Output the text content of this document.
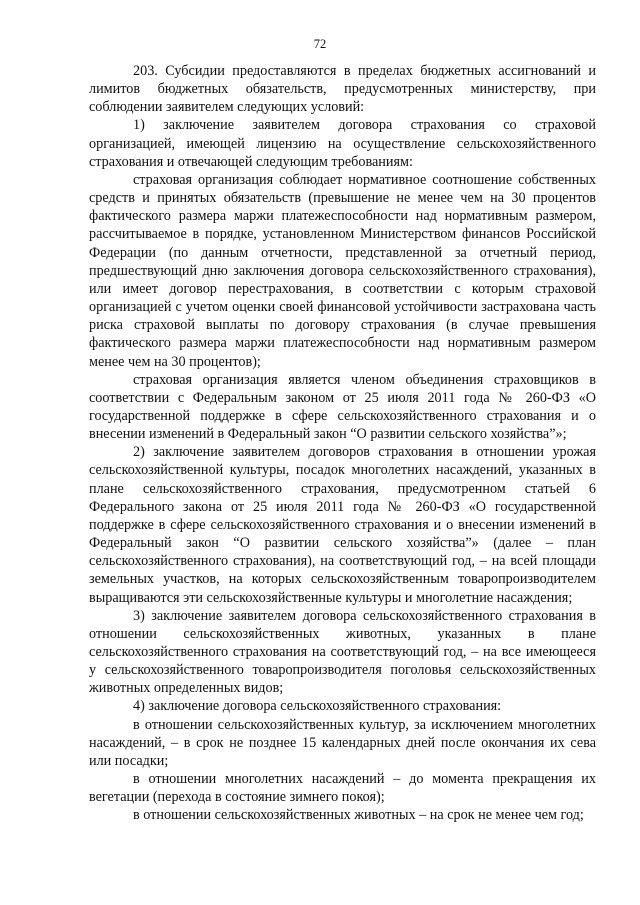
72

203. Субсидии предоставляются в пределах бюджетных ассигнований и лимитов бюджетных обязательств, предусмотренных министерству, при соблюдении заявителем следующих условий:

1) заключение заявителем договора страхования со страховой организацией, имеющей лицензию на осуществление сельскохозяйственного страхования и отвечающей следующим требованиям:

страховая организация соблюдает нормативное соотношение собственных средств и принятых обязательств (превышение не менее чем на 30 процентов фактического размера маржи платежеспособности над нормативным размером, рассчитываемое в порядке, установленном Министерством финансов Российской Федерации (по данным отчетности, представленной за отчетный период, предшествующий дню заключения договора сельскохозяйственного страхования), или имеет договор перестрахования, в соответствии с которым страховой организацией с учетом оценки своей финансовой устойчивости застрахована часть риска страховой выплаты по договору страхования (в случае превышения фактического размера маржи платежеспособности над нормативным размером менее чем на 30 процентов);

страховая организация является членом объединения страховщиков в соответствии с Федеральным законом от 25 июля 2011 года № 260-ФЗ «О государственной поддержке в сфере сельскохозяйственного страхования и о внесении изменений в Федеральный закон “О развитии сельского хозяйства”»;

2) заключение заявителем договоров страхования в отношении урожая сельскохозяйственной культуры, посадок многолетних насаждений, указанных в плане сельскохозяйственного страхования, предусмотренном статьей 6 Федерального закона от 25 июля 2011 года № 260-ФЗ «О государственной поддержке в сфере сельскохозяйственного страхования и о внесении изменений в Федеральный закон “О развитии сельского хозяйства”» (далее – план сельскохозяйственного страхования), на соответствующий год, – на всей площади земельных участков, на которых сельскохозяйственным товаропроизводителем выращиваются эти сельскохозяйственные культуры и многолетние насаждения;

3) заключение заявителем договора сельскохозяйственного страхования в отношении сельскохозяйственных животных, указанных в плане сельскохозяйственного страхования на соответствующий год, – на все имеющееся у сельскохозяйственного товаропроизводителя поголовья сельскохозяйственных животных определенных видов;

4) заключение договора сельскохозяйственного страхования:

в отношении сельскохозяйственных культур, за исключением многолетних насаждений, – в срок не позднее 15 календарных дней после окончания их сева или посадки;

в отношении многолетних насаждений – до момента прекращения их вегетации (перехода в состояние зимнего покоя);

в отношении сельскохозяйственных животных – на срок не менее чем год;
